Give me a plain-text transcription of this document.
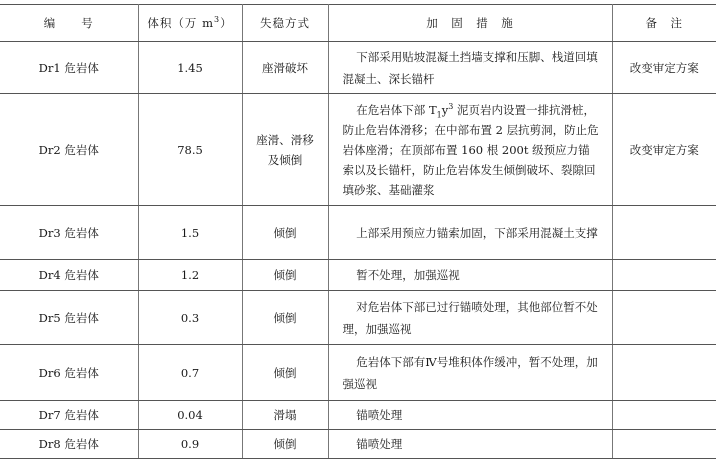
编　　号	体积（万 $m^3$）	失稳方式	加　固　措　施	备　注
Dr1 危岩体	1.45	座滑破坏	下部采用贴坡混凝土挡墙支撑和压脚、栈道回填混凝土、深长锚杆	改变审定方案
Dr2 危岩体	78.5	座滑、滑移及倾倒	在危岩体下部 $T_1y^3$ 泥页岩内设置一排抗滑桩，防止危岩体滑移；在中部布置 2 层抗剪洞，防止危岩体座滑；在顶部布置 160 根 200t 级预应力锚索以及长锚杆，防止危岩体发生倾倒破坏、裂隙回填砂浆、基础灌浆	改变审定方案
Dr3 危岩体	1.5	倾倒	上部采用预应力锚索加固，下部采用混凝土支撑	

Dr4 危岩体	1.2	倾倒	暂不处理，加强巡视	

Dr5 危岩体	0.3	倾倒	对危岩体下部已过行锚喷处理，其他部位暂不处理，加强巡视	

Dr6 危岩体	0.7	倾倒	危岩体下部有Ⅳ号堆积体作缓冲，暂不处理，加强巡视	

Dr7 危岩体	0.04	滑塌	锚喷处理	

Dr8 危岩体	0.9	倾倒	锚喷处理	
